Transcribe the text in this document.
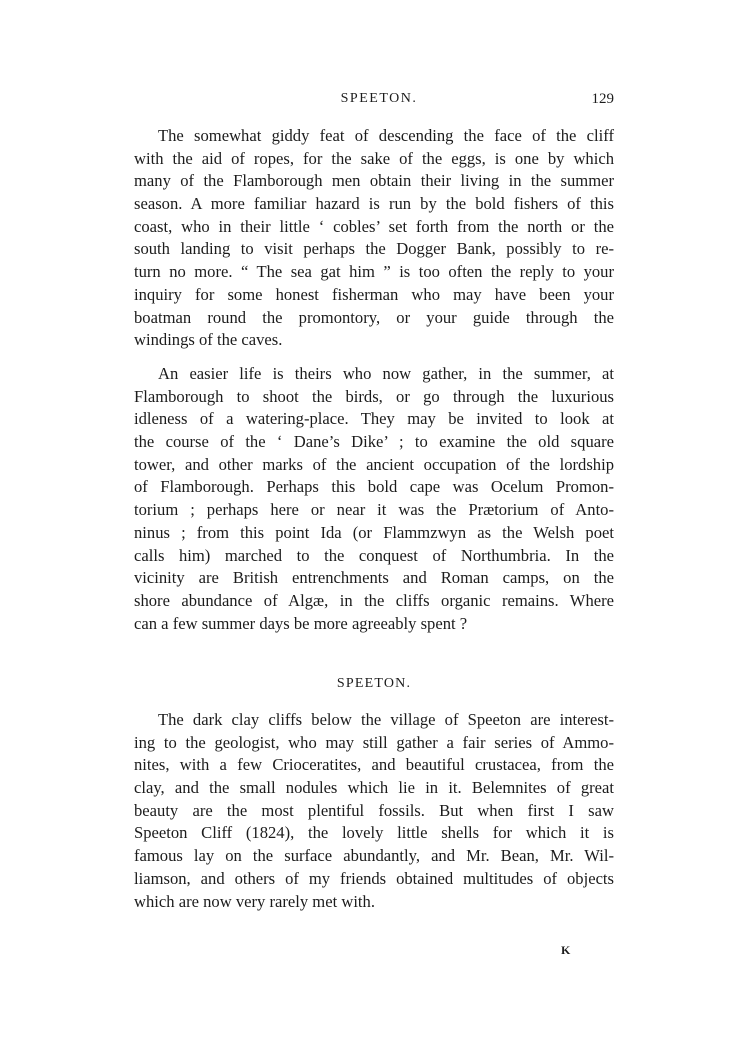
SPEETON.	129
The somewhat giddy feat of descending the face of the cliff
with the aid of ropes, for the sake of the eggs, is one by which
many of the Flamborough men obtain their living in the summer
season. A more familiar hazard is run by the bold fishers of this
coast, who in their little ‘ cobles’ set forth from the north or the
south landing to visit perhaps the Dogger Bank, possibly to re-
turn no more. “ The sea gat him ” is too often the reply to your
inquiry for some honest fisherman who may have been your
boatman round the promontory, or your guide through the
windings of the caves.
An easier life is theirs who now gather, in the summer, at
Flamborough to shoot the birds, or go through the luxurious
idleness of a watering-place. They may be invited to look at
the course of the ‘ Dane’s Dike’ ; to examine the old square
tower, and other marks of the ancient occupation of the lordship
of Flamborough. Perhaps this bold cape was Ocelum Promon-
torium ; perhaps here or near it was the Prætorium of Anto-
ninus ; from this point Ida (or Flammzwyn as the Welsh poet
calls him) marched to the conquest of Northumbria. In the
vicinity are British entrenchments and Roman camps, on the
shore abundance of Algæ, in the cliffs organic remains. Where
can a few summer days be more agreeably spent ?
SPEETON.
The dark clay cliffs below the village of Speeton are interest-
ing to the geologist, who may still gather a fair series of Ammo-
nites, with a few Crioceratites, and beautiful crustacea, from the
clay, and the small nodules which lie in it. Belemnites of great
beauty are the most plentiful fossils. But when first I saw
Speeton Cliff (1824), the lovely little shells for which it is
famous lay on the surface abundantly, and Mr. Bean, Mr. Wil-
liamson, and others of my friends obtained multitudes of objects
which are now very rarely met with.
K
